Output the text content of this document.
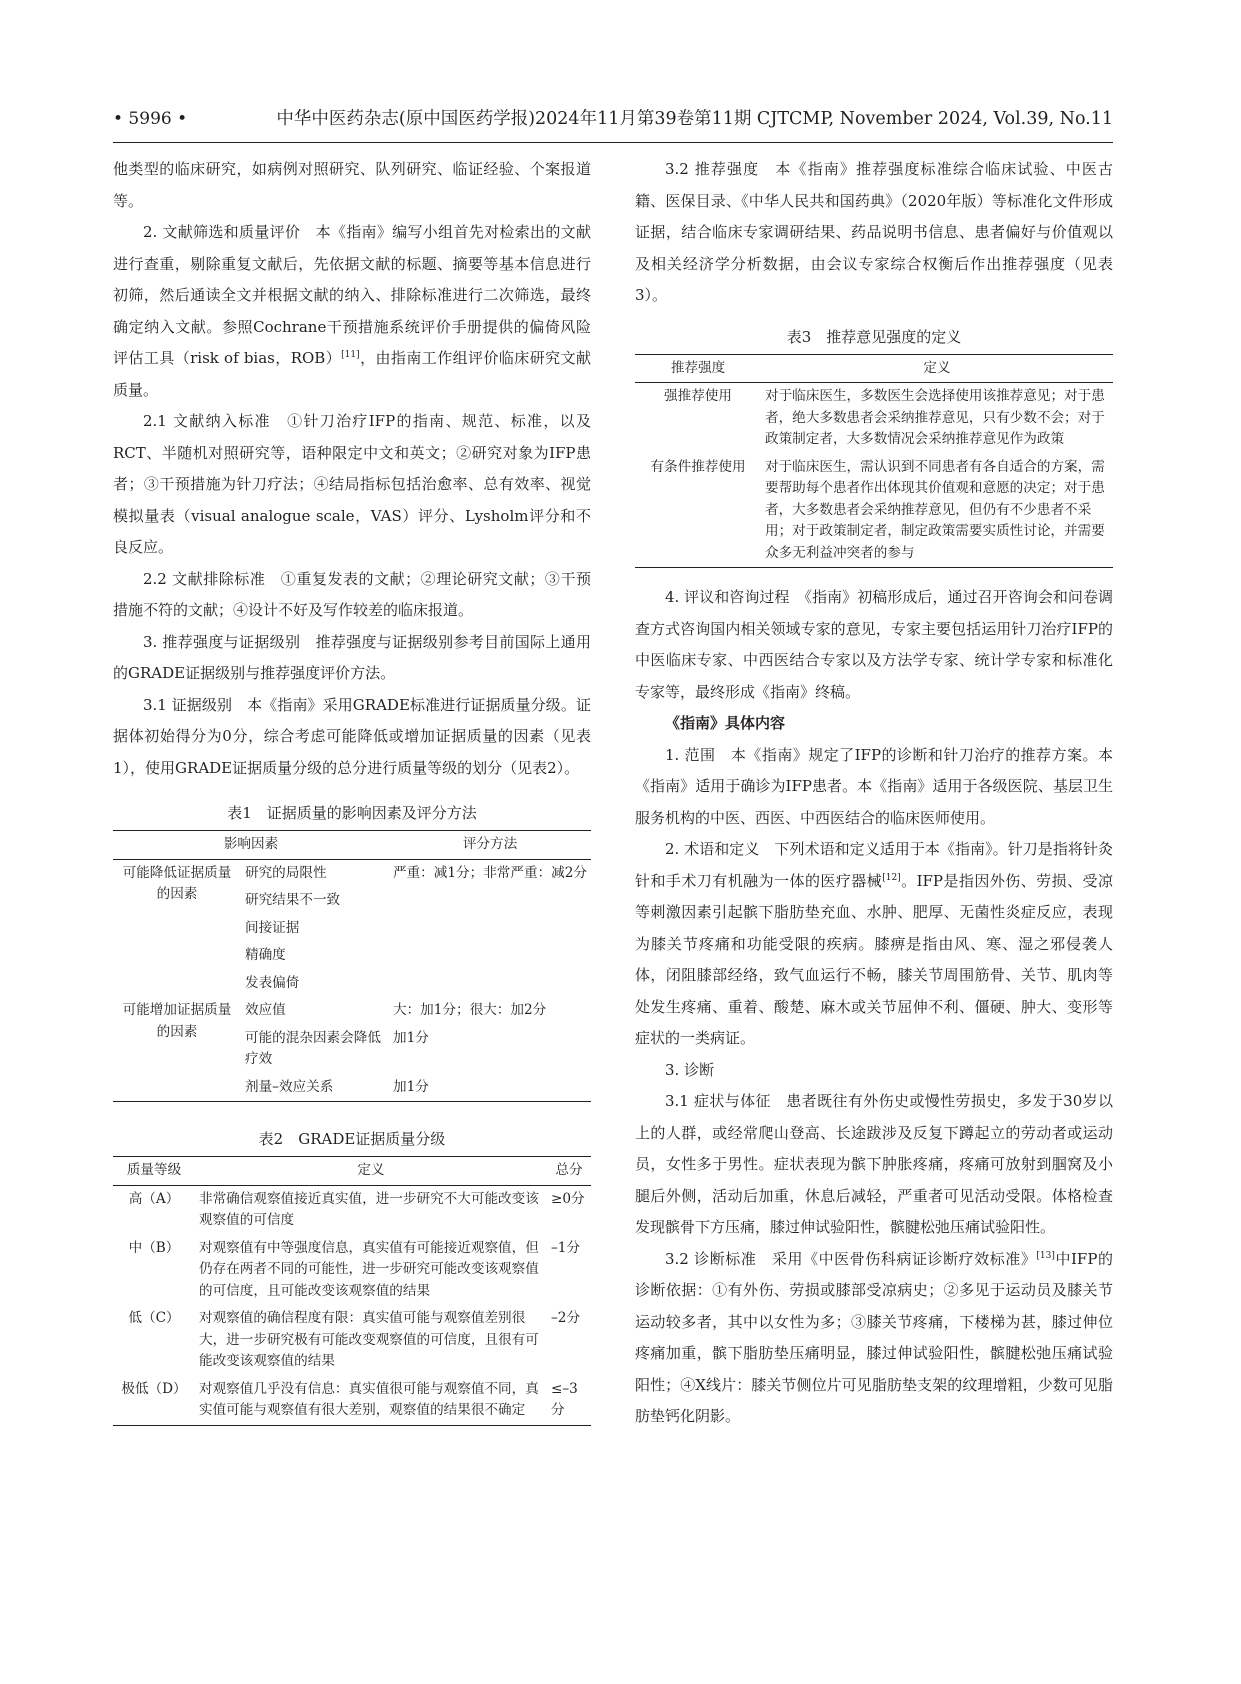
• 5996 •	中华中医药杂志(原中国医药学报)2024年11月第39卷第11期 CJTCMP, November 2024, Vol.39, No.11

他类型的临床研究，如病例对照研究、队列研究、临证经验、个案报道等。

2. 文献筛选和质量评价　本《指南》编写小组首先对检索出的文献进行查重，剔除重复文献后，先依据文献的标题、摘要等基本信息进行初筛，然后通读全文并根据文献的纳入、排除标准进行二次筛选，最终确定纳入文献。参照Cochrane干预措施系统评价手册提供的偏倚风险评估工具（risk of bias，ROB）[11]，由指南工作组评价临床研究文献质量。

2.1 文献纳入标准　①针刀治疗IFP的指南、规范、标准，以及RCT、半随机对照研究等，语种限定中文和英文；②研究对象为IFP患者；③干预措施为针刀疗法；④结局指标包括治愈率、总有效率、视觉模拟量表（visual analogue scale，VAS）评分、Lysholm评分和不良反应。

2.2 文献排除标准　①重复发表的文献；②理论研究文献；③干预措施不符的文献；④设计不好及写作较差的临床报道。

3. 推荐强度与证据级别　推荐强度与证据级别参考目前国际上通用的GRADE证据级别与推荐强度评价方法。

3.1 证据级别　本《指南》采用GRADE标准进行证据质量分级。证据体初始得分为0分，综合考虑可能降低或增加证据质量的因素（见表1），使用GRADE证据质量分级的总分进行质量等级的划分（见表2）。

表1　证据质量的影响因素及评分方法
影响因素		评分方法
可能降低证据质量的因素	研究的局限性	严重：减1分；非常严重：减2分
	研究结果不一致	
	间接证据	
	精确度	
	发表偏倚	
可能增加证据质量的因素	效应值	大：加1分；很大：加2分
	可能的混杂因素会降低疗效	加1分
	剂量–效应关系	加1分
表2　GRADE证据质量分级
质量等级	定义	总分
高（A）	非常确信观察值接近真实值，进一步研究不大可能改变该观察值的可信度	≥0分
中（B）	对观察值有中等强度信息，真实值有可能接近观察值，但仍存在两者不同的可能性，进一步研究可能改变该观察值的可信度，且可能改变该观察值的结果	–1分
低（C）	对观察值的确信程度有限：真实值可能与观察值差别很大，进一步研究极有可能改变观察值的可信度，且很有可能改变该观察值的结果	–2分
极低（D）	对观察值几乎没有信息：真实值很可能与观察值不同，真实值可能与观察值有很大差别，观察值的结果很不确定	≤–3分

3.2 推荐强度　本《指南》推荐强度标准综合临床试验、中医古籍、医保目录、《中华人民共和国药典》（2020年版）等标准化文件形成证据，结合临床专家调研结果、药品说明书信息、患者偏好与价值观以及相关经济学分析数据，由会议专家综合权衡后作出推荐强度（见表3）。

表3　推荐意见强度的定义
推荐强度	定义
强推荐使用	对于临床医生，多数医生会选择使用该推荐意见；对于患者，绝大多数患者会采纳推荐意见，只有少数不会；对于政策制定者，大多数情况会采纳推荐意见作为政策
有条件推荐使用	对于临床医生，需认识到不同患者有各自适合的方案，需要帮助每个患者作出体现其价值观和意愿的决定；对于患者，大多数患者会采纳推荐意见，但仍有不少患者不采用；对于政策制定者，制定政策需要实质性讨论，并需要众多无利益冲突者的参与

4. 评议和咨询过程　《指南》初稿形成后，通过召开咨询会和问卷调查方式咨询国内相关领域专家的意见，专家主要包括运用针刀治疗IFP的中医临床专家、中西医结合专家以及方法学专家、统计学专家和标准化专家等，最终形成《指南》终稿。

《指南》具体内容

1. 范围　本《指南》规定了IFP的诊断和针刀治疗的推荐方案。本《指南》适用于确诊为IFP患者。本《指南》适用于各级医院、基层卫生服务机构的中医、西医、中西医结合的临床医师使用。

2. 术语和定义　下列术语和定义适用于本《指南》。针刀是指将针灸针和手术刀有机融为一体的医疗器械[12]。IFP是指因外伤、劳损、受凉等刺激因素引起髌下脂肪垫充血、水肿、肥厚、无菌性炎症反应，表现为膝关节疼痛和功能受限的疾病。膝痹是指由风、寒、湿之邪侵袭人体，闭阻膝部经络，致气血运行不畅，膝关节周围筋骨、关节、肌肉等处发生疼痛、重着、酸楚、麻木或关节屈伸不利、僵硬、肿大、变形等症状的一类病证。

3. 诊断

3.1 症状与体征　患者既往有外伤史或慢性劳损史，多发于30岁以上的人群，或经常爬山登高、长途跋涉及反复下蹲起立的劳动者或运动员，女性多于男性。症状表现为髌下肿胀疼痛，疼痛可放射到腘窝及小腿后外侧，活动后加重，休息后减轻，严重者可见活动受限。体格检查发现髌骨下方压痛，膝过伸试验阳性，髌腱松弛压痛试验阳性。

3.2 诊断标准　采用《中医骨伤科病证诊断疗效标准》[13]中IFP的诊断依据：①有外伤、劳损或膝部受凉病史；②多见于运动员及膝关节运动较多者，其中以女性为多；③膝关节疼痛，下楼梯为甚，膝过伸位疼痛加重，髌下脂肪垫压痛明显，膝过伸试验阳性，髌腱松弛压痛试验阳性；④X线片：膝关节侧位片可见脂肪垫支架的纹理增粗，少数可见脂肪垫钙化阴影。
